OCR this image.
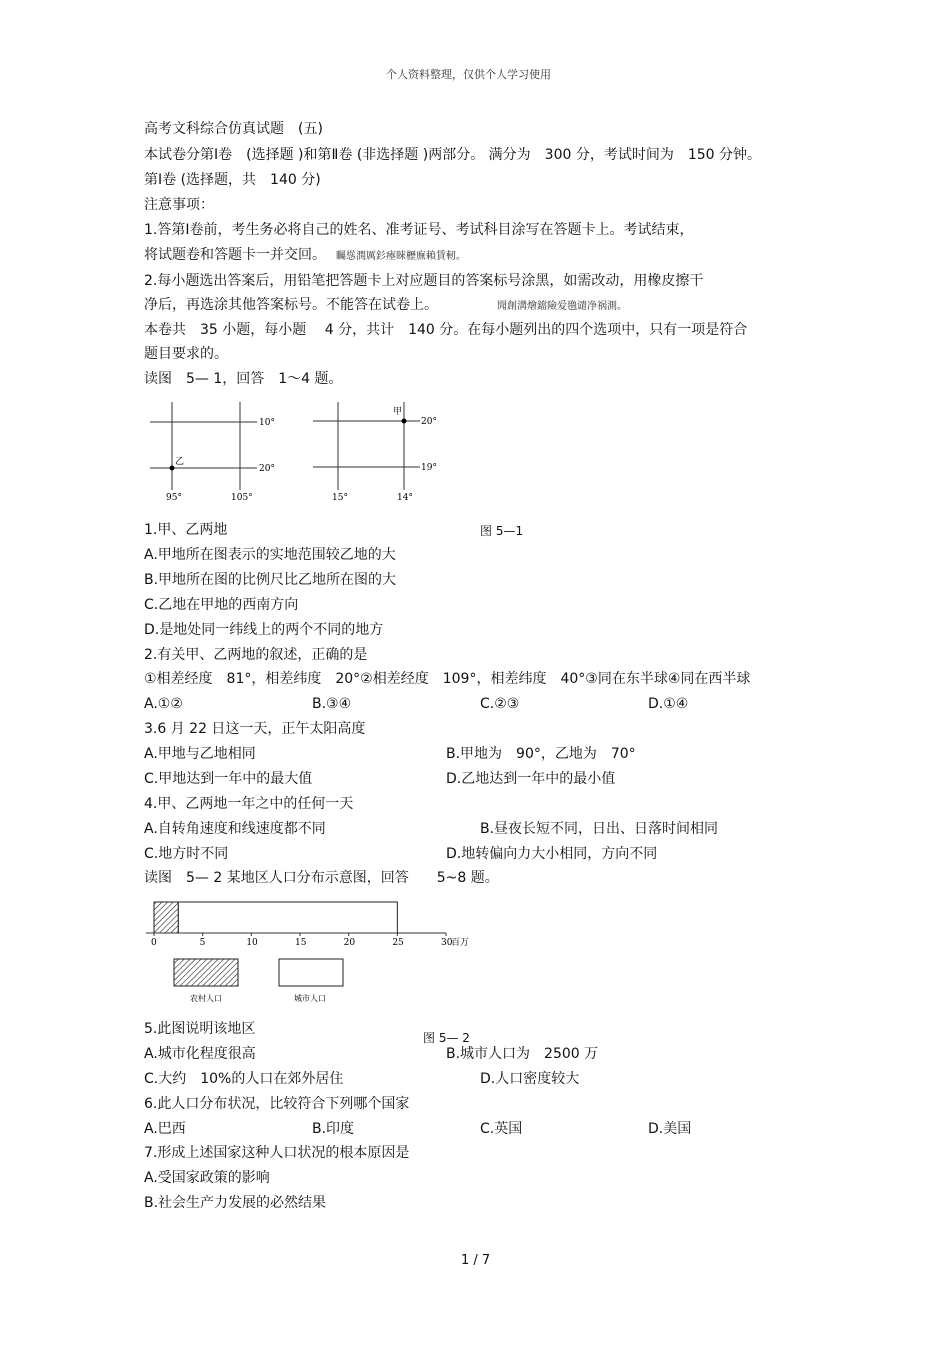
个人资料整理，仅供个人学习使用
高考文科综合仿真试题　(五)
本试卷分第Ⅰ卷　(选择题 )和第Ⅱ卷 (非选择题 )两部分。 满分为　300 分，考试时间为　150 分钟。
第Ⅰ卷 (选择题，共　140 分)
注意事项：
1.答第Ⅰ卷前，考生务必将自己的姓名、准考证号、考试科目涂写在答题卡上。考试结束，
将试题卷和答题卡一并交回。 矚慫潤厲釤瘞睞櫪廡賴賃軔。
2.每小题选出答案后，用铅笔把答题卡上对应题目的答案标号涂黑，如需改动，用橡皮擦干
净后，再选涂其他答案标号。不能答在试卷上。	聞創溝燴鐺險爱氇谴净祸測。
本卷共　35 小题，每小题　 4 分，共计　140 分。在每小题列出的四个选项中，只有一项是符合
题目要求的。
读图　5— 1，回答　1～4 题。
乙
10°
20°
95°	105°
甲
20°
19°
15°	14°
1.甲、乙两地	图 5—1
A.甲地所在图表示的实地范围较乙地的大
B.甲地所在图的比例尺比乙地所在图的大
C.乙地在甲地的西南方向
D.是地处同一纬线上的两个不同的地方
2.有关甲、乙两地的叙述，正确的是
①相差经度　81°，相差纬度　20°②相差经度　109°，相差纬度　40°③同在东半球④同在西半球
A.①②	B.③④	C.②③	D.①④
3.6 月 22 日这一天，正午太阳高度
A.甲地与乙地相同	B.甲地为　90°，乙地为　70°
C.甲地达到一年中的最大值	D.乙地达到一年中的最小值
4.甲、乙两地一年之中的任何一天
A.自转角速度和线速度都不同	B.昼夜长短不同，日出、日落时间相同
C.地方时不同	D.地转偏向力大小相同，方向不同
读图　5— 2 某地区人口分布示意图，回答　　5~8 题。
0	5	10	15	20	25	30
百万
农村人口	城市人口
5.此图说明该地区
图 5— 2
A.城市化程度很高	B.城市人口为　2500 万
C.大约　10%的人口在郊外居住	D.人口密度较大
6.此人口分布状况，比较符合下列哪个国家
A.巴西	B.印度	C.英国	D.美国
7.形成上述国家这种人口状况的根本原因是
A.受国家政策的影响
B.社会生产力发展的必然结果
1 / 7
